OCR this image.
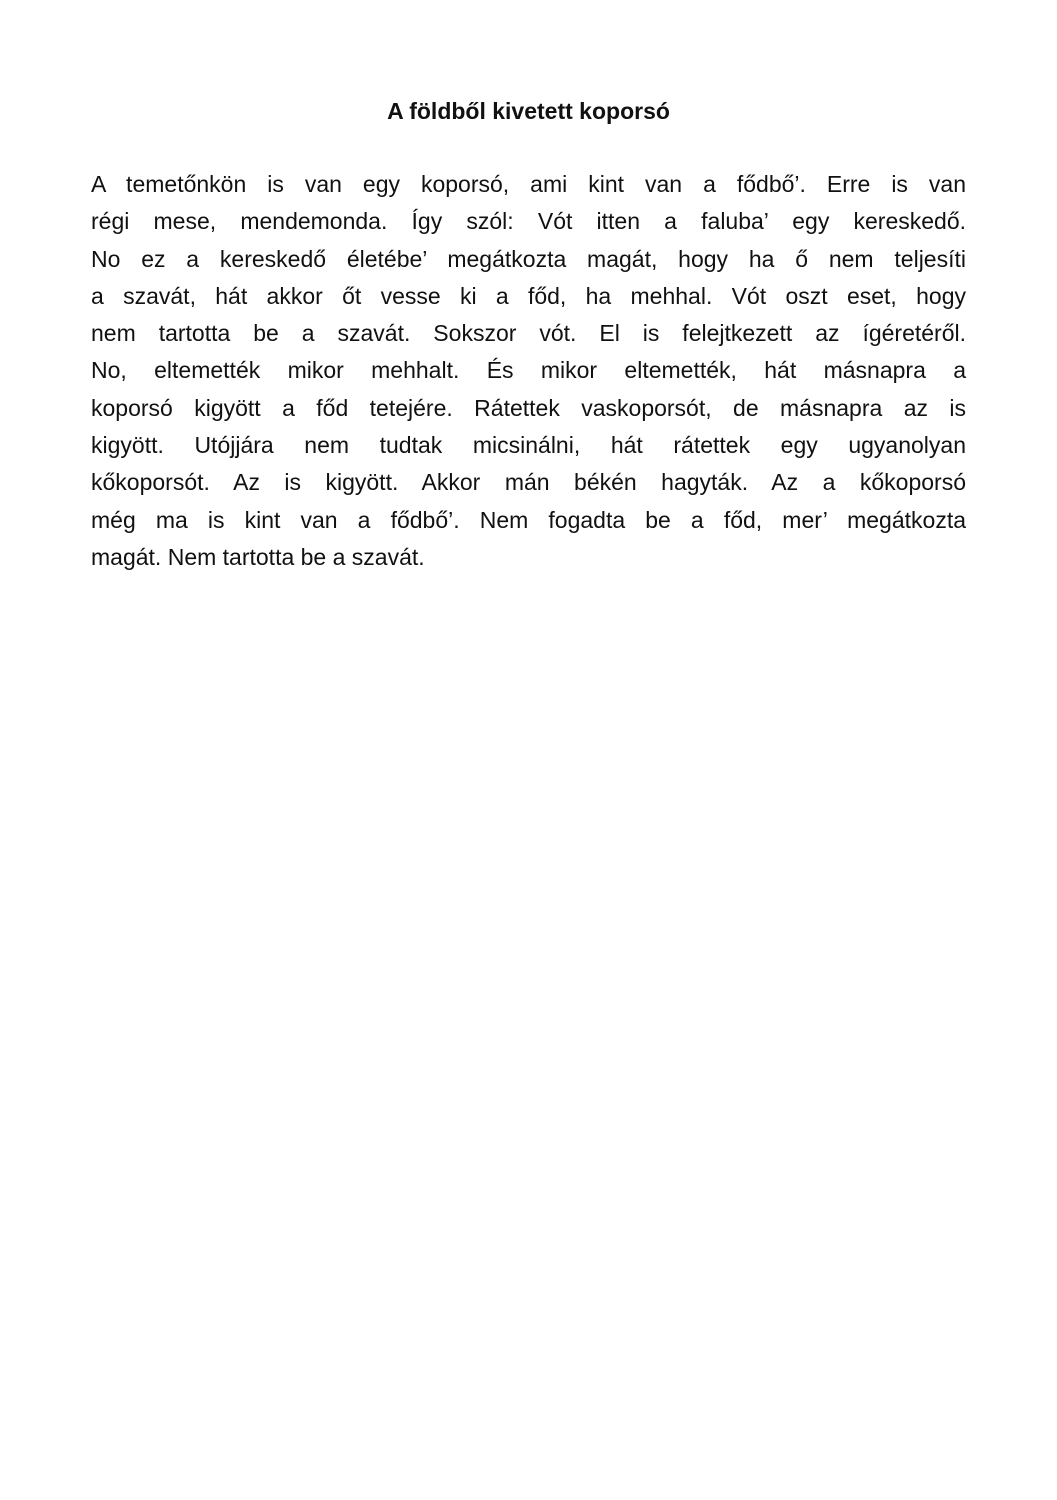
A földből kivetett koporsó
A temetőnkön is van egy koporsó, ami kint van a fődbő’. Erre is van
régi mese, mendemonda. Így szól: Vót itten a faluba’ egy kereskedő.
No ez a kereskedő életébe’ megátkozta magát, hogy ha ő nem teljesíti
a szavát, hát akkor őt vesse ki a főd, ha mehhal. Vót oszt eset, hogy
nem tartotta be a szavát. Sokszor vót. El is felejtkezett az ígéretéről.
No, eltemették mikor mehhalt. És mikor eltemették, hát másnapra a
koporsó kigyött a főd tetejére. Rátettek vaskoporsót, de másnapra az is
kigyött. Utójjára nem tudtak micsinálni, hát rátettek egy ugyanolyan
kőkoporsót. Az is kigyött. Akkor mán békén hagyták. Az a kőkoporsó
még ma is kint van a fődbő’. Nem fogadta be a főd, mer’ megátkozta
magát. Nem tartotta be a szavát.
